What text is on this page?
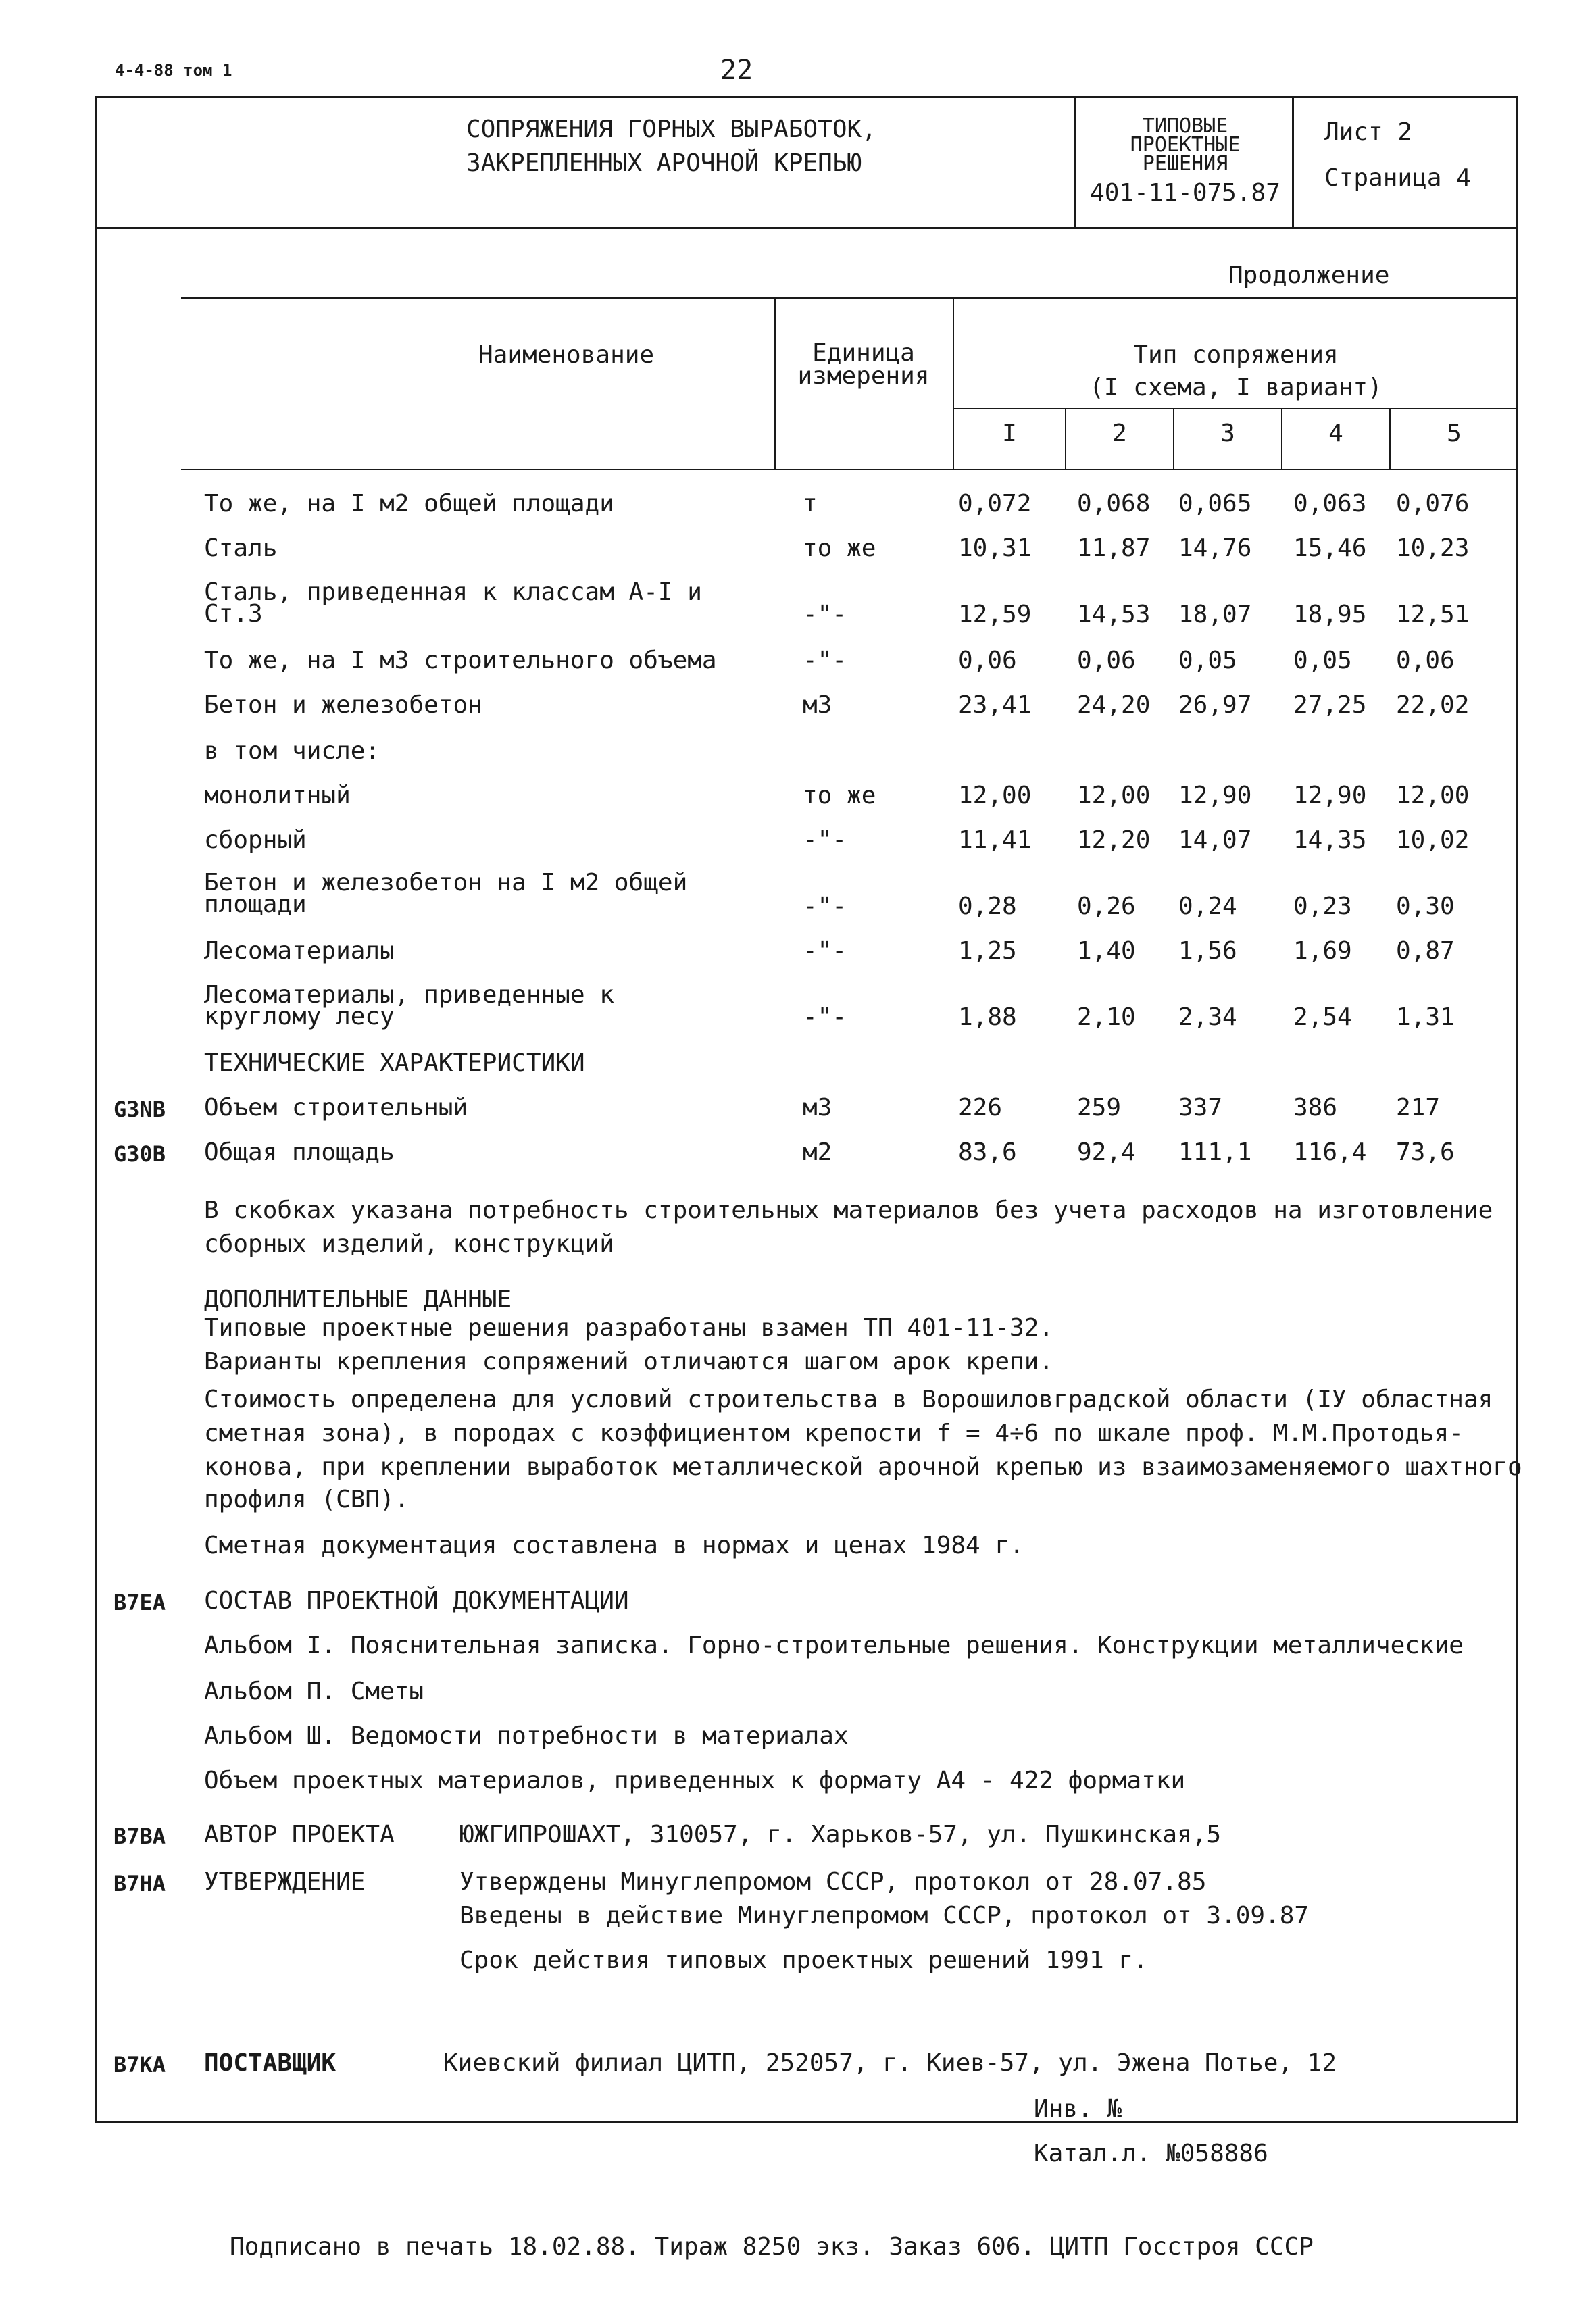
4-4-88 том 1	22
СОПРЯЖЕНИЯ ГОРНЫХ ВЫРАБОТОК,
ЗАКРЕПЛЕННЫХ АРОЧНОЙ КРЕПЬЮ
ТИПОВЫЕ
ПРОЕКТНЫЕ
РЕШЕНИЯ
401-11-075.87
Лист 2
Страница 4
Продолжение
Наименование	Единица
измерения
Тип сопряжения
(I схема, I вариант)
I	2	3	4	5
То же, на I м2 общей площади	т	0,072 0,068 0,065 0,063 0,076
Сталь	то же	10,31 11,87 14,76 15,46 10,23
Сталь, приведенная к классам А-I и
Ст.3	-"-	12,59 14,53 18,07 18,95 12,51
То же, на I м3 строительного объема	-"-	0,06 0,06 0,05 0,05 0,06
Бетон и железобетон	м3	23,41 24,20 26,97 27,25 22,02
в том числе:
монолитный	то же	12,00 12,00 12,90 12,90 12,00
сборный	-"-	11,41 12,20 14,07 14,35 10,02
Бетон и железобетон на I м2 общей
площади	-"-	0,28 0,26 0,24 0,23 0,30
Лесоматериалы	-"-	1,25 1,40 1,56 1,69 0,87
Лесоматериалы, приведенные к
круглому лесу	-"-	1,88 2,10 2,34 2,54 1,31
ТЕХНИЧЕСКИЕ ХАРАКТЕРИСТИКИ
G3NB Объем строительный	м3	226	259 337	386 217
G30B Общая площадь	м2	83,6 92,4 111,1 116,4 73,6
В скобках указана потребность строительных материалов без учета расходов на изготовление
сборных изделий, конструкций
ДОПОЛНИТЕЛЬНЫЕ ДАННЫЕ
Типовые проектные решения разработаны взамен ТП 401-11-32.
Варианты крепления сопряжений отличаются шагом арок крепи.
Стоимость определена для условий строительства в Ворошиловградской области (IУ областная
сметная зона), в породах с коэффициентом крепости f = 4÷6 по шкале проф. М.М.Протодья-
конова, при креплении выработок металлической арочной крепью из взаимозаменяемого шахтного
профиля (СВП).
Сметная документация составлена в нормах и ценах 1984 г.
B7EA СОСТАВ ПРОЕКТНОЙ ДОКУМЕНТАЦИИ
Альбом I. Пояснительная записка. Горно-строительные решения. Конструкции металлические
Альбом П. Сметы
Альбом Ш. Ведомости потребности в материалах
Объем проектных материалов, приведенных к формату А4 - 422 форматки
B7BA АВТОР ПРОЕКТА	ЮЖГИПРОШАХТ, 310057, г. Харьков-57, ул. Пушкинская,5
B7HA УТВЕРЖДЕНИЕ	Утверждены Минуглепромом СССР, протокол от 28.07.85
Введены в действие Минуглепромом СССР, протокол от 3.09.87
Срок действия типовых проектных решений 1991 г.
B7KA ПОСТАВЩИК	Киевский филиал ЦИТП, 252057, г. Киев-57, ул. Эжена Потье, 12
Инв. №
Катал.л. №058886
Подписано в печать 18.02.88. Тираж 8250 экз. Заказ 606. ЦИТП Госстроя СССР
